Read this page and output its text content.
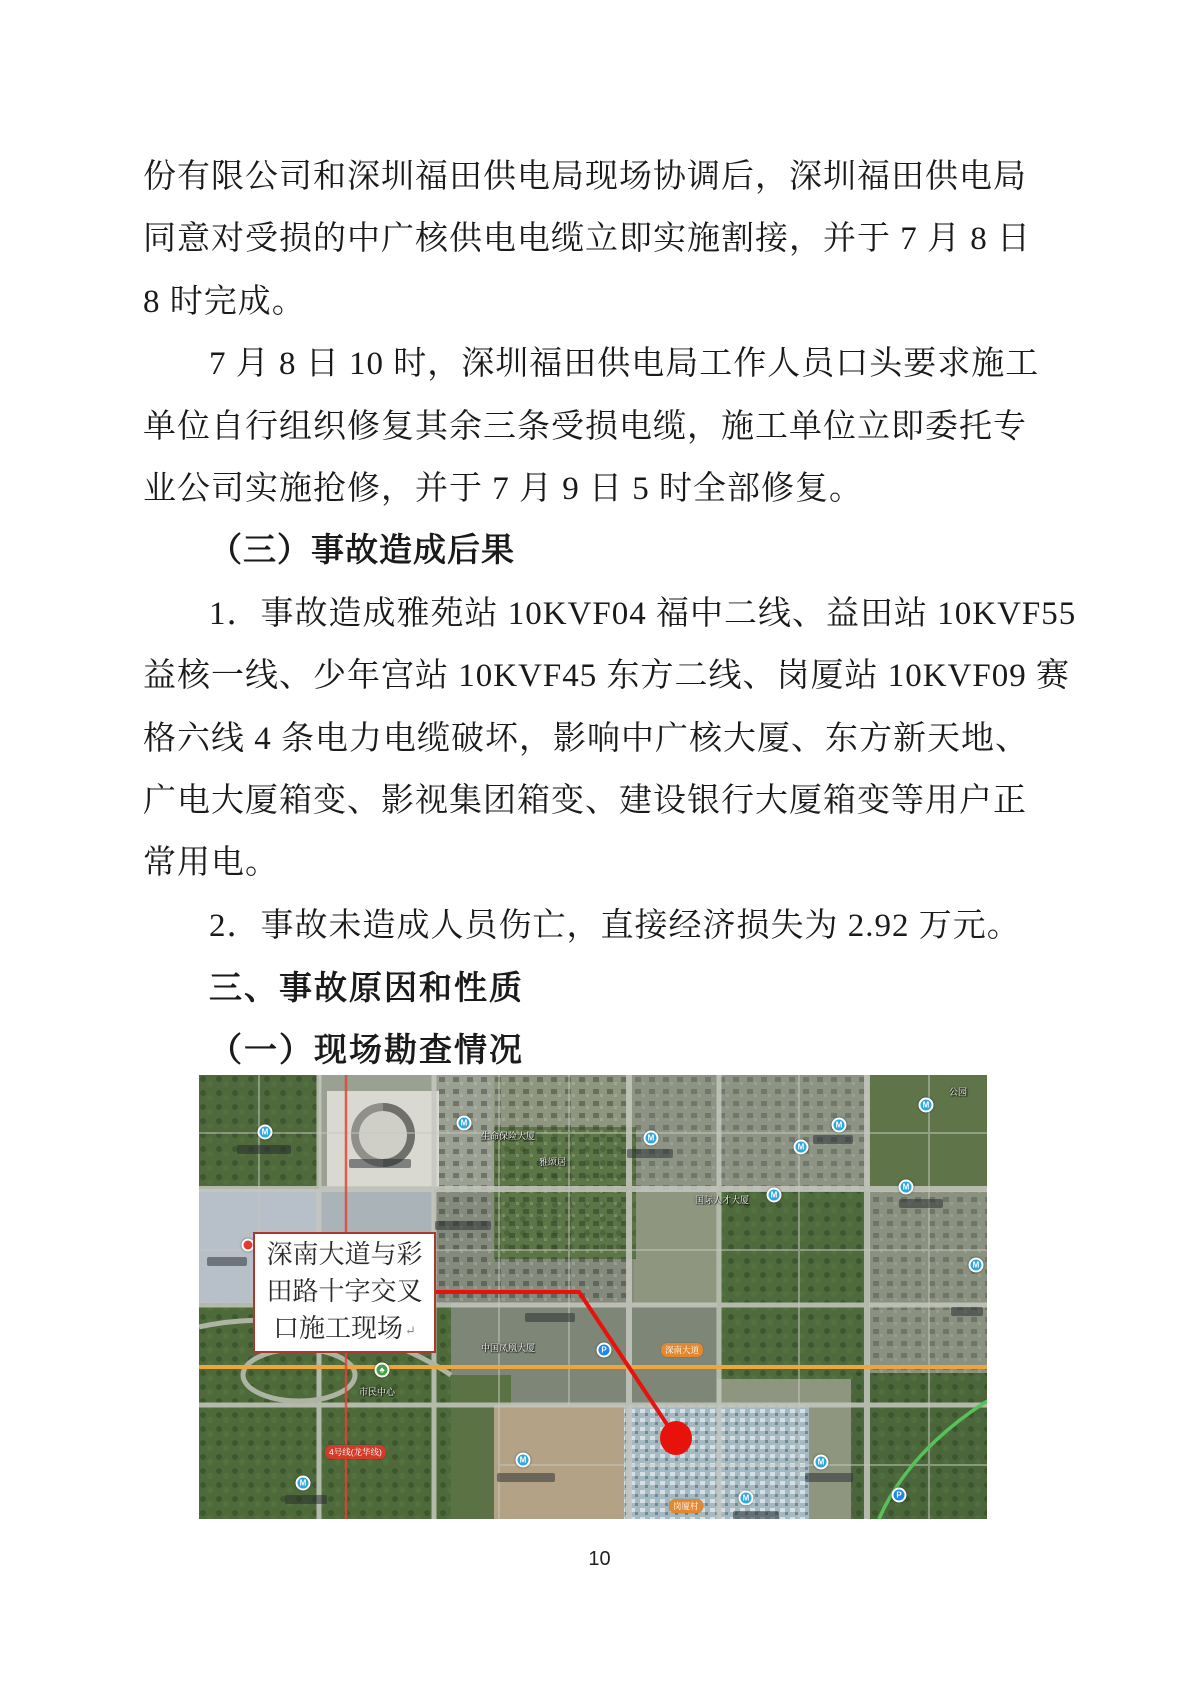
份有限公司和深圳福田供电局现场协调后，深圳福田供电局
同意对受损的中广核供电电缆立即实施割接，并于 7 月 8 日
8 时完成。
7 月 8 日 10 时，深圳福田供电局工作人员口头要求施工
单位自行组织修复其余三条受损电缆，施工单位立即委托专
业公司实施抢修，并于 7 月 9 日 5 时全部修复。
（三）事故造成后果
1．事故造成雅苑站 10KVF04 福中二线、益田站 10KVF55
益核一线、少年宫站 10KVF45 东方二线、岗厦站 10KVF09 赛
格六线 4 条电力电缆破坏，影响中广核大厦、东方新天地、
广电大厦箱变、影视集团箱变、建设银行大厦箱变等用户正
常用电。
2．事故未造成人员伤亡，直接经济损失为 2.92 万元。
三、事故原因和性质
（一）现场勘查情况
M
M
M
M
M
M
M
M
M
M
M
M
M
♣
P
P
生命保险大厦
雅颂居
国际人才大厦
市民中心
中国凤凰大厦
公园
4号线(龙华线)
深南大道
岗厦村
深南大道与彩
田路十字交叉
口施工现场 ↵
10
